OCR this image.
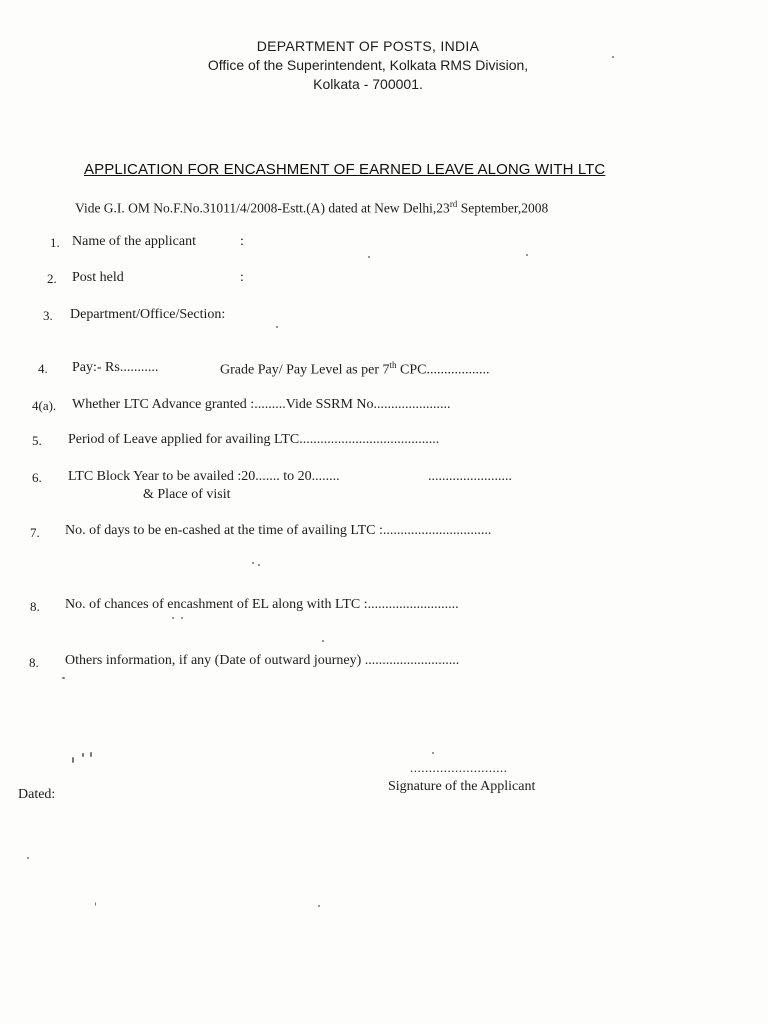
DEPARTMENT OF POSTS, INDIA
Office of the Superintendent, Kolkata RMS Division,
Kolkata - 700001.
APPLICATION FOR ENCASHMENT OF EARNED LEAVE ALONG WITH LTC
Vide G.I. OM No.F.No.31011/4/2008-Estt.(A) dated at New Delhi,23rd September,2008
1. Name of the applicant	:
2. Post held	:
3. Department/Office/Section:
4. Pay:- Rs...........	Grade Pay/ Pay Level as per 7th CPC..................
4(a). Whether LTC Advance granted :.........Vide SSRM No......................
5. Period of Leave applied for availing LTC........................................
6. LTC Block Year to be availed :20....... to 20........	........................
& Place of visit
7. No. of days to be en-cashed at the time of availing LTC :...............................
8. No. of chances of encashment of EL along with LTC :..........................
8. Others information, if any (Date of outward journey) ...........................
..........................
Signature of the Applicant
Dated:
